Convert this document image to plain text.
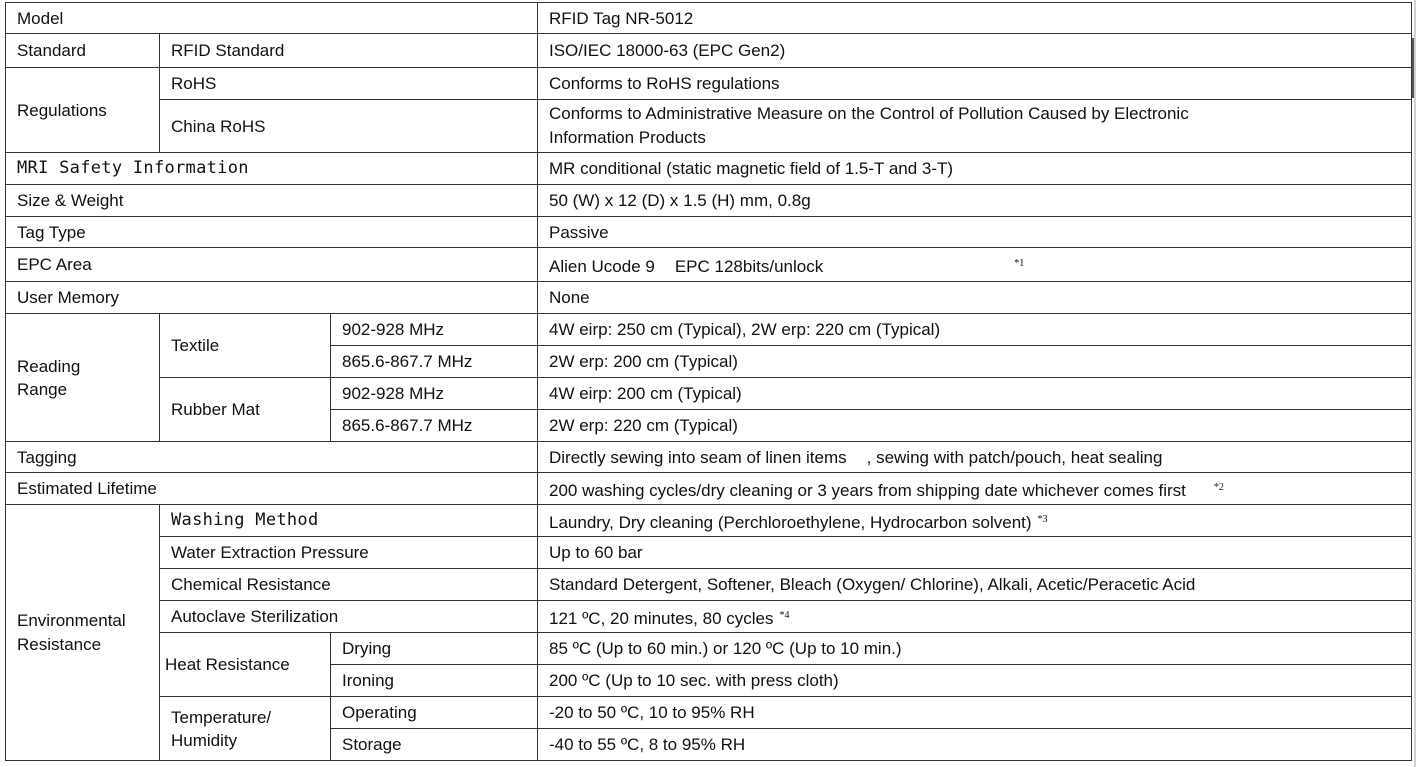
Model			RFID Tag NR-5012
Standard	RFID Standard		ISO/IEC 18000-63 (EPC Gen2)
Regulations	RoHS		Conforms to RoHS regulations
	China RoHS		Conforms to Administrative Measure on the Control of Pollution Caused by Electronic
Information Products
MRI Safety Information			MR conditional (static magnetic field of 1.5-T and 3-T)
Size & Weight			50 (W) x 12 (D) x 1.5 (H) mm, 0.8g
Tag Type			Passive
EPC Area			Alien Ucode 9 EPC 128bits/unlock $^{*1}$
User Memory			None
Reading
Range	Textile	902-928 MHz	4W eirp: 250 cm (Typical), 2W erp: 220 cm (Typical)
		865.6-867.7 MHz	2W erp: 200 cm (Typical)
	Rubber Mat	902-928 MHz	4W eirp: 200 cm (Typical)
		865.6-867.7 MHz	2W erp: 220 cm (Typical)
Tagging			Directly sewing into seam of linen items , sewing with patch/pouch, heat sealing
Estimated Lifetime			200 washing cycles/dry cleaning or 3 years from shipping date whichever comes first $^{*2}$
Environmental
Resistance	Washing Method		Laundry, Dry cleaning (Perchloroethylene, Hydrocarbon solvent) $^{*3}$
	Water Extraction Pressure		Up to 60 bar
	Chemical Resistance		Standard Detergent, Softener, Bleach (Oxygen/ Chlorine), Alkali, Acetic/Peracetic Acid
	Autoclave Sterilization		121 ºC, 20 minutes, 80 cycles $^{*4}$
	Heat Resistance	Drying	85 ºC (Up to 60 min.) or 120 ºC (Up to 10 min.)
		Ironing	200 ºC (Up to 10 sec. with press cloth)
	Temperature/
Humidity	Operating	-20 to 50 ºC, 10 to 95% RH
		Storage	-40 to 55 ºC, 8 to 95% RH
